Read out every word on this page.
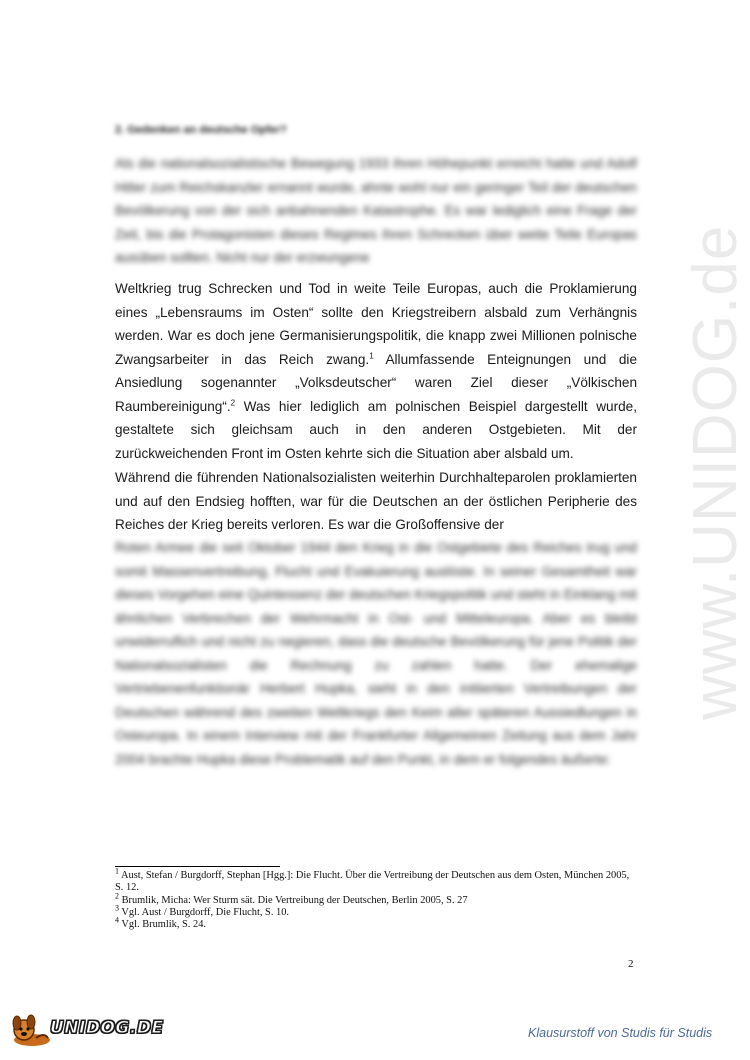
www.UNIDOG.de
2. Gedenken an deutsche Opfer?
Als die nationalsozialistische Bewegung 1933 ihren Höhepunkt erreicht hatte und Adolf Hitler zum Reichskanzler ernannt wurde, ahnte wohl nur ein geringer Teil der deutschen Bevölkerung von der sich anbahnenden Katastrophe. Es war lediglich eine Frage der Zeit, bis die Protagonisten dieses Regimes ihren Schrecken über weite Teile Europas ausüben sollten. Nicht nur der erzwungene

Weltkrieg trug Schrecken und Tod in weite Teile Europas, auch die Proklamierung eines „Lebensraums im Osten“ sollte den Kriegstreibern alsbald zum Verhängnis werden. War es doch jene Germanisierungspolitik, die knapp zwei Millionen polnische Zwangsarbeiter in das Reich zwang.$^1$ Allumfassende Enteignungen und die Ansiedlung sogenannter „Volksdeutscher“ waren Ziel dieser „Völkischen Raumbereinigung“.$^2$ Was hier lediglich am polnischen Beispiel dargestellt wurde, gestaltete sich gleichsam auch in den anderen Ostgebieten. Mit der zurückweichenden Front im Osten kehrte sich die Situation aber alsbald um.

Während die führenden Nationalsozialisten weiterhin Durchhalteparolen proklamierten und auf den Endsieg hofften, war für die Deutschen an der östlichen Peripherie des Reiches der Krieg bereits verloren. Es war die Großoffensive der

Roten Armee die seit Oktober 1944 den Krieg in die Ostgebiete des Reiches trug und somit Massenvertreibung, Flucht und Evakuierung auslöste. In seiner Gesamtheit war dieses Vorgehen eine Quintessenz der deutschen Kriegspolitik und steht in Einklang mit ähnlichen Verbrechen der Wehrmacht in Ost- und Mitteleuropa. Aber es bleibt unwiderruflich und nicht zu negieren, dass die deutsche Bevölkerung für jene Politik der Nationalsozialisten die Rechnung zu zahlen hatte. Der ehemalige Vertriebenenfunktionär Herbert Hupka, sieht in den initiierten Vertreibungen der Deutschen während des zweiten Weltkriegs den Keim aller späteren Aussiedlungen in Osteuropa. In einem Interview mit der Frankfurter Allgemeinen Zeitung aus dem Jahr 2004 brachte Hupka diese Problematik auf den Punkt, in dem er folgendes äußerte:
$^1$ Aust, Stefan / Burgdorff, Stephan [Hgg.]: Die Flucht. Über die Vertreibung der Deutschen aus dem Osten, München 2005, S. 12.
$^2$ Brumlik, Micha: Wer Sturm sät. Die Vertreibung der Deutschen, Berlin 2005, S. 27
$^3$ Vgl. Aust / Burgdorff, Die Flucht, S. 10.
$^4$ Vgl. Brumlik, S. 24.
2
UNIDOG.DE	Klausurstoff von Studis für Studis
